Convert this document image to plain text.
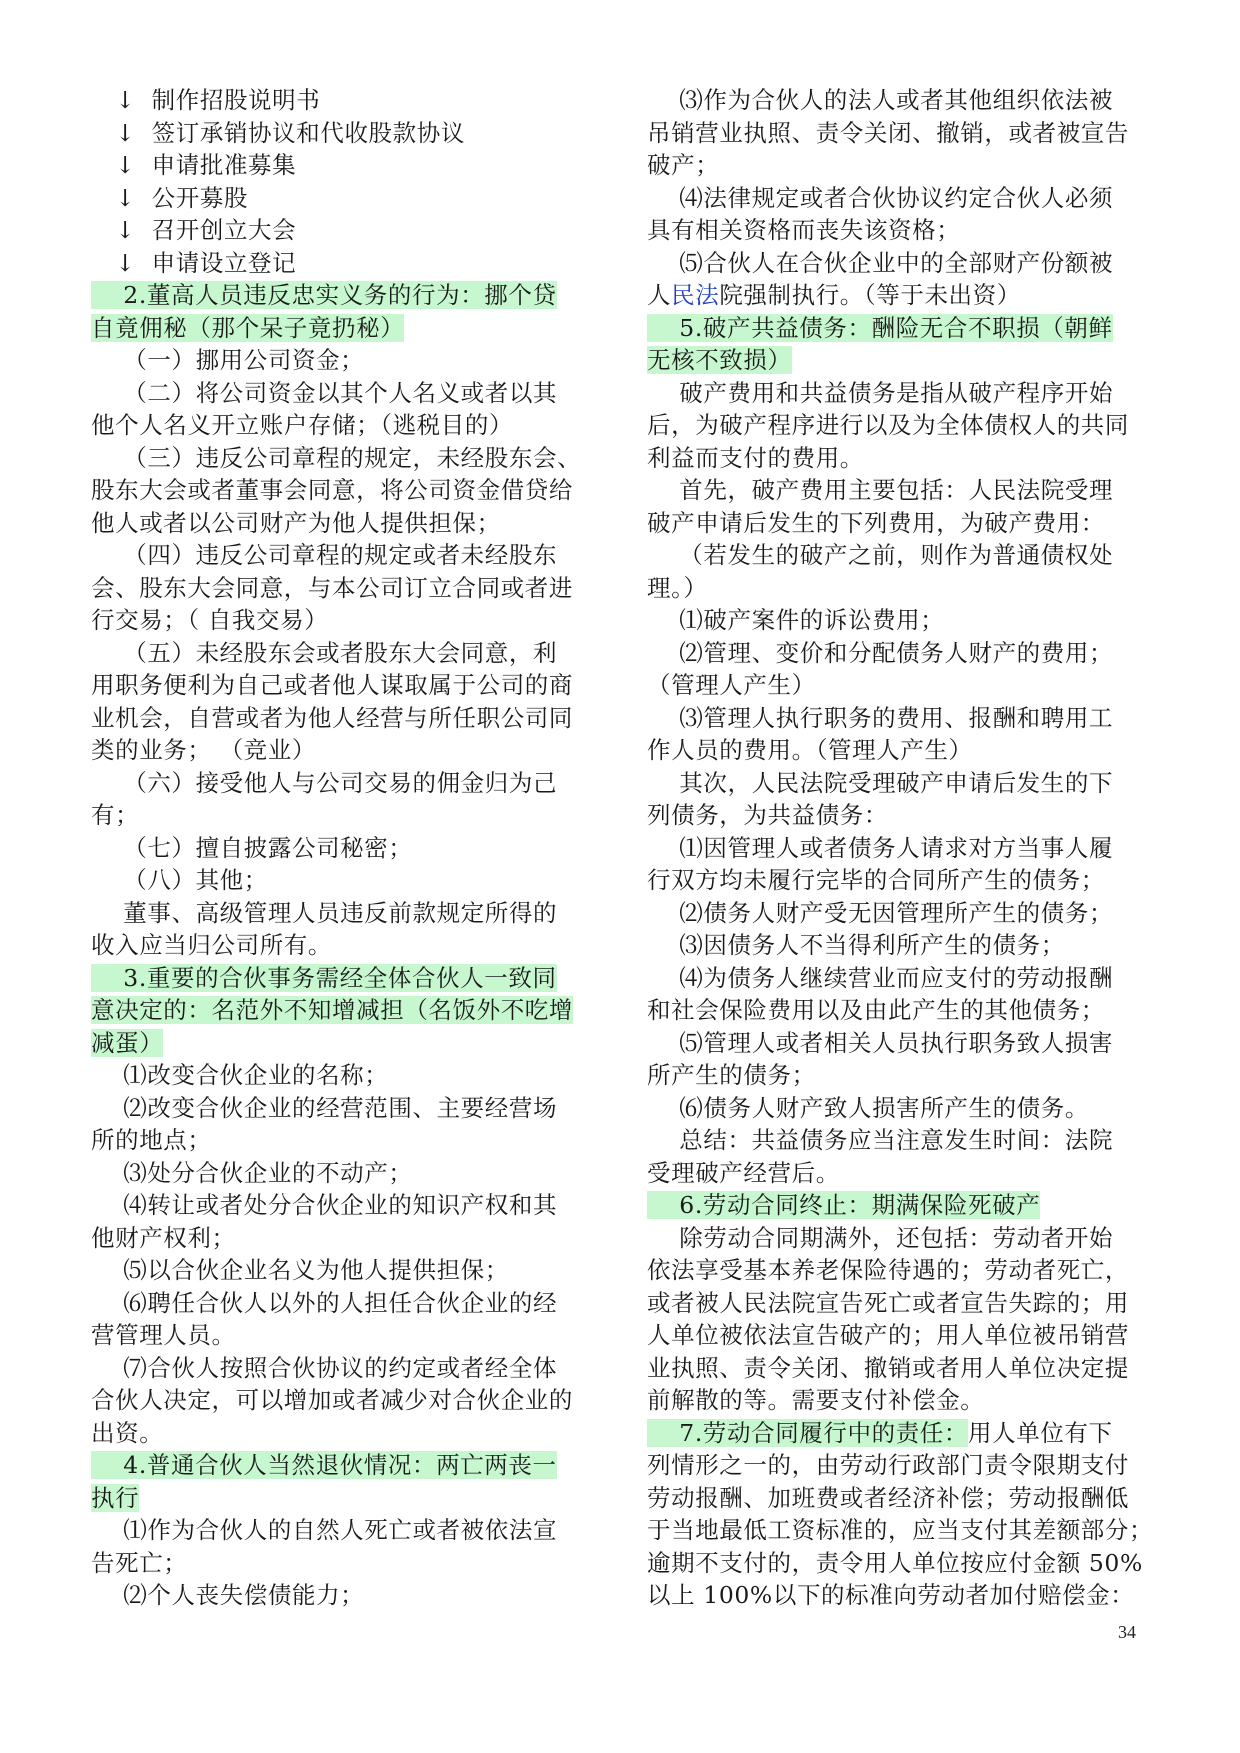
↓  制作招股说明书
↓  签订承销协议和代收股款协议
↓  申请批准募集
↓  公开募股
↓  召开创立大会
↓  申请设立登记
2.董高人员违反忠实义务的行为：挪个贷
自竟佣秘（那个呆子竟扔秘）
（一）挪用公司资金；
（二）将公司资金以其个人名义或者以其
他个人名义开立账户存储；（逃税目的）
（三）违反公司章程的规定，未经股东会、
股东大会或者董事会同意，将公司资金借贷给
他人或者以公司财产为他人提供担保；
（四）违反公司章程的规定或者未经股东
会、股东大会同意，与本公司订立合同或者进
行交易；（ 自我交易）
（五）未经股东会或者股东大会同意，利
用职务便利为自己或者他人谋取属于公司的商
业机会，自营或者为他人经营与所任职公司同
类的业务； （竞业）
（六）接受他人与公司交易的佣金归为己
有；
（七）擅自披露公司秘密；
（八）其他；
董事、高级管理人员违反前款规定所得的
收入应当归公司所有。
3.重要的合伙事务需经全体合伙人一致同
意决定的：名范外不知增减担（名饭外不吃增
减蛋）
⑴改变合伙企业的名称；
⑵改变合伙企业的经营范围、主要经营场
所的地点；
⑶处分合伙企业的不动产；
⑷转让或者处分合伙企业的知识产权和其
他财产权利；
⑸以合伙企业名义为他人提供担保；
⑹聘任合伙人以外的人担任合伙企业的经
营管理人员。
⑺合伙人按照合伙协议的约定或者经全体
合伙人决定，可以增加或者减少对合伙企业的
出资。
4.普通合伙人当然退伙情况：两亡两丧一
执行
⑴作为合伙人的自然人死亡或者被依法宣
告死亡；
⑵个人丧失偿债能力；
⑶作为合伙人的法人或者其他组织依法被
吊销营业执照、责令关闭、撤销，或者被宣告
破产；
⑷法律规定或者合伙协议约定合伙人必须
具有相关资格而丧失该资格；
⑸合伙人在合伙企业中的全部财产份额被
人民法院强制执行。（等于未出资）
5.破产共益债务：酬险无合不职损（朝鲜
无核不致损）
破产费用和共益债务是指从破产程序开始
后，为破产程序进行以及为全体债权人的共同
利益而支付的费用。
首先，破产费用主要包括：人民法院受理
破产申请后发生的下列费用，为破产费用：
（若发生的破产之前，则作为普通债权处
理。）
⑴破产案件的诉讼费用；
⑵管理、变价和分配债务人财产的费用；
（管理人产生）
⑶管理人执行职务的费用、报酬和聘用工
作人员的费用。（管理人产生）
其次，人民法院受理破产申请后发生的下
列债务，为共益债务：
⑴因管理人或者债务人请求对方当事人履
行双方均未履行完毕的合同所产生的债务；
⑵债务人财产受无因管理所产生的债务；
⑶因债务人不当得利所产生的债务；
⑷为债务人继续营业而应支付的劳动报酬
和社会保险费用以及由此产生的其他债务；
⑸管理人或者相关人员执行职务致人损害
所产生的债务；
⑹债务人财产致人损害所产生的债务。
总结：共益债务应当注意发生时间：法院
受理破产经营后。
6.劳动合同终止：期满保险死破产
除劳动合同期满外，还包括：劳动者开始
依法享受基本养老保险待遇的；劳动者死亡，
或者被人民法院宣告死亡或者宣告失踪的；用
人单位被依法宣告破产的；用人单位被吊销营
业执照、责令关闭、撤销或者用人单位决定提
前解散的等。需要支付补偿金。
7.劳动合同履行中的责任：用人单位有下
列情形之一的，由劳动行政部门责令限期支付
劳动报酬、加班费或者经济补偿；劳动报酬低
于当地最低工资标准的，应当支付其差额部分；
逾期不支付的，责令用人单位按应付金额 50%
以上 100%以下的标准向劳动者加付赔偿金：
34
